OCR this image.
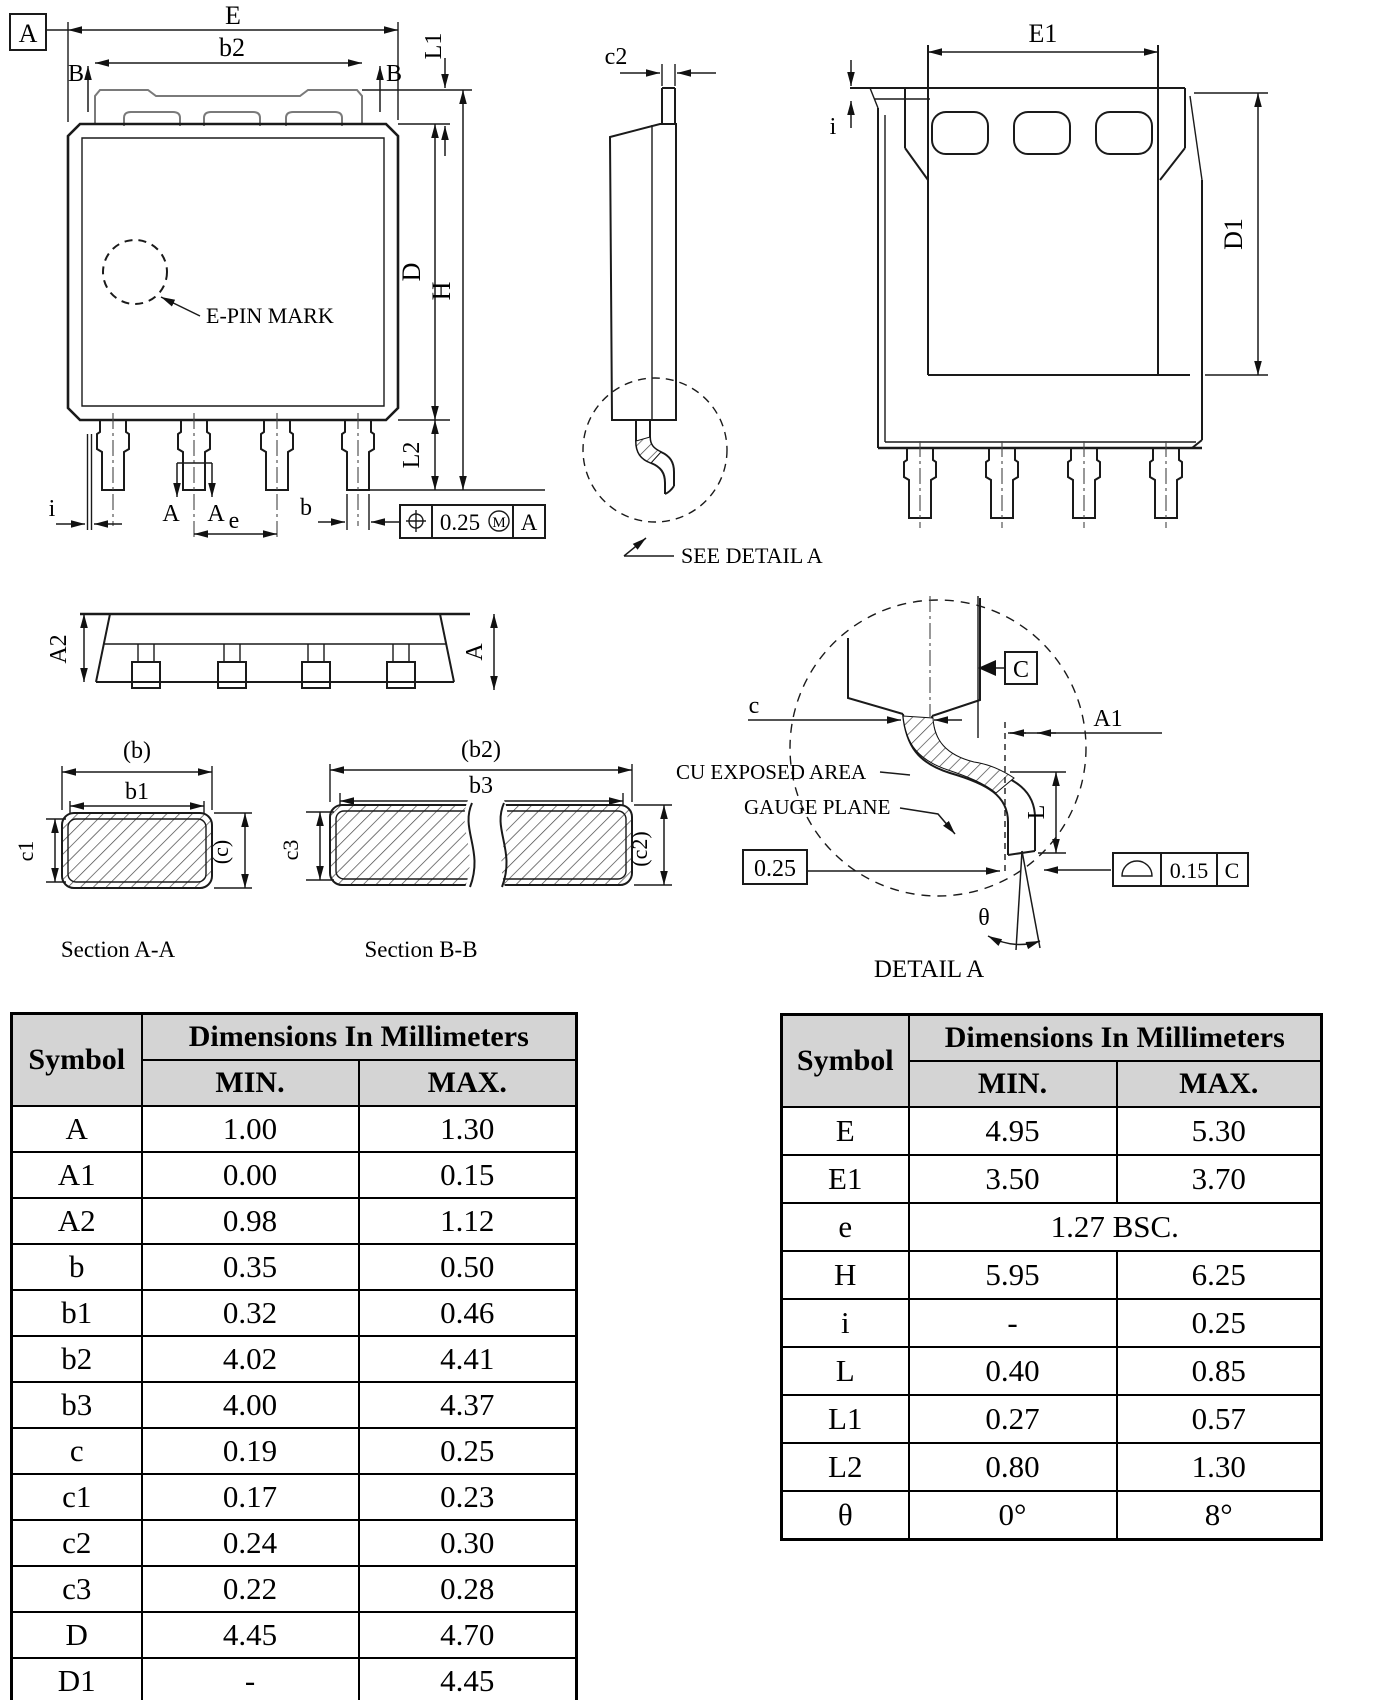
A
E
b2
B	B
E-PIN MARK
i	A A e	b
0.25 M A
D
L2
H
L1	c2
SEE DETAIL A
E1
i
D1
A2	A
(b)
b1
c1	(c)
Section A-A
(b2)
b3
c3	(c2)
Section B-B
C
c	A1
CU EXPOSED AREA
GAUGE PLANE	L
0.25	0.15 C
θ
DETAIL A
Symbol	Dimensions In Millimeters	
	MIN.	MAX.
A	1.00	1.30
A1	0.00	0.15
A2	0.98	1.12
b	0.35	0.50
b1	0.32	0.46
b2	4.02	4.41
b3	4.00	4.37
c	0.19	0.25
c1	0.17	0.23
c2	0.24	0.30
c3	0.22	0.28
D	4.45	4.70
D1	-	4.45
Symbol	Dimensions In Millimeters	
	MIN.	MAX.
E	4.95	5.30
E1	3.50	3.70
e	1.27 BSC.	
H	5.95	6.25
i	-	0.25
L	0.40	0.85
L1	0.27	0.57
L2	0.80	1.30
θ	0°	8°
